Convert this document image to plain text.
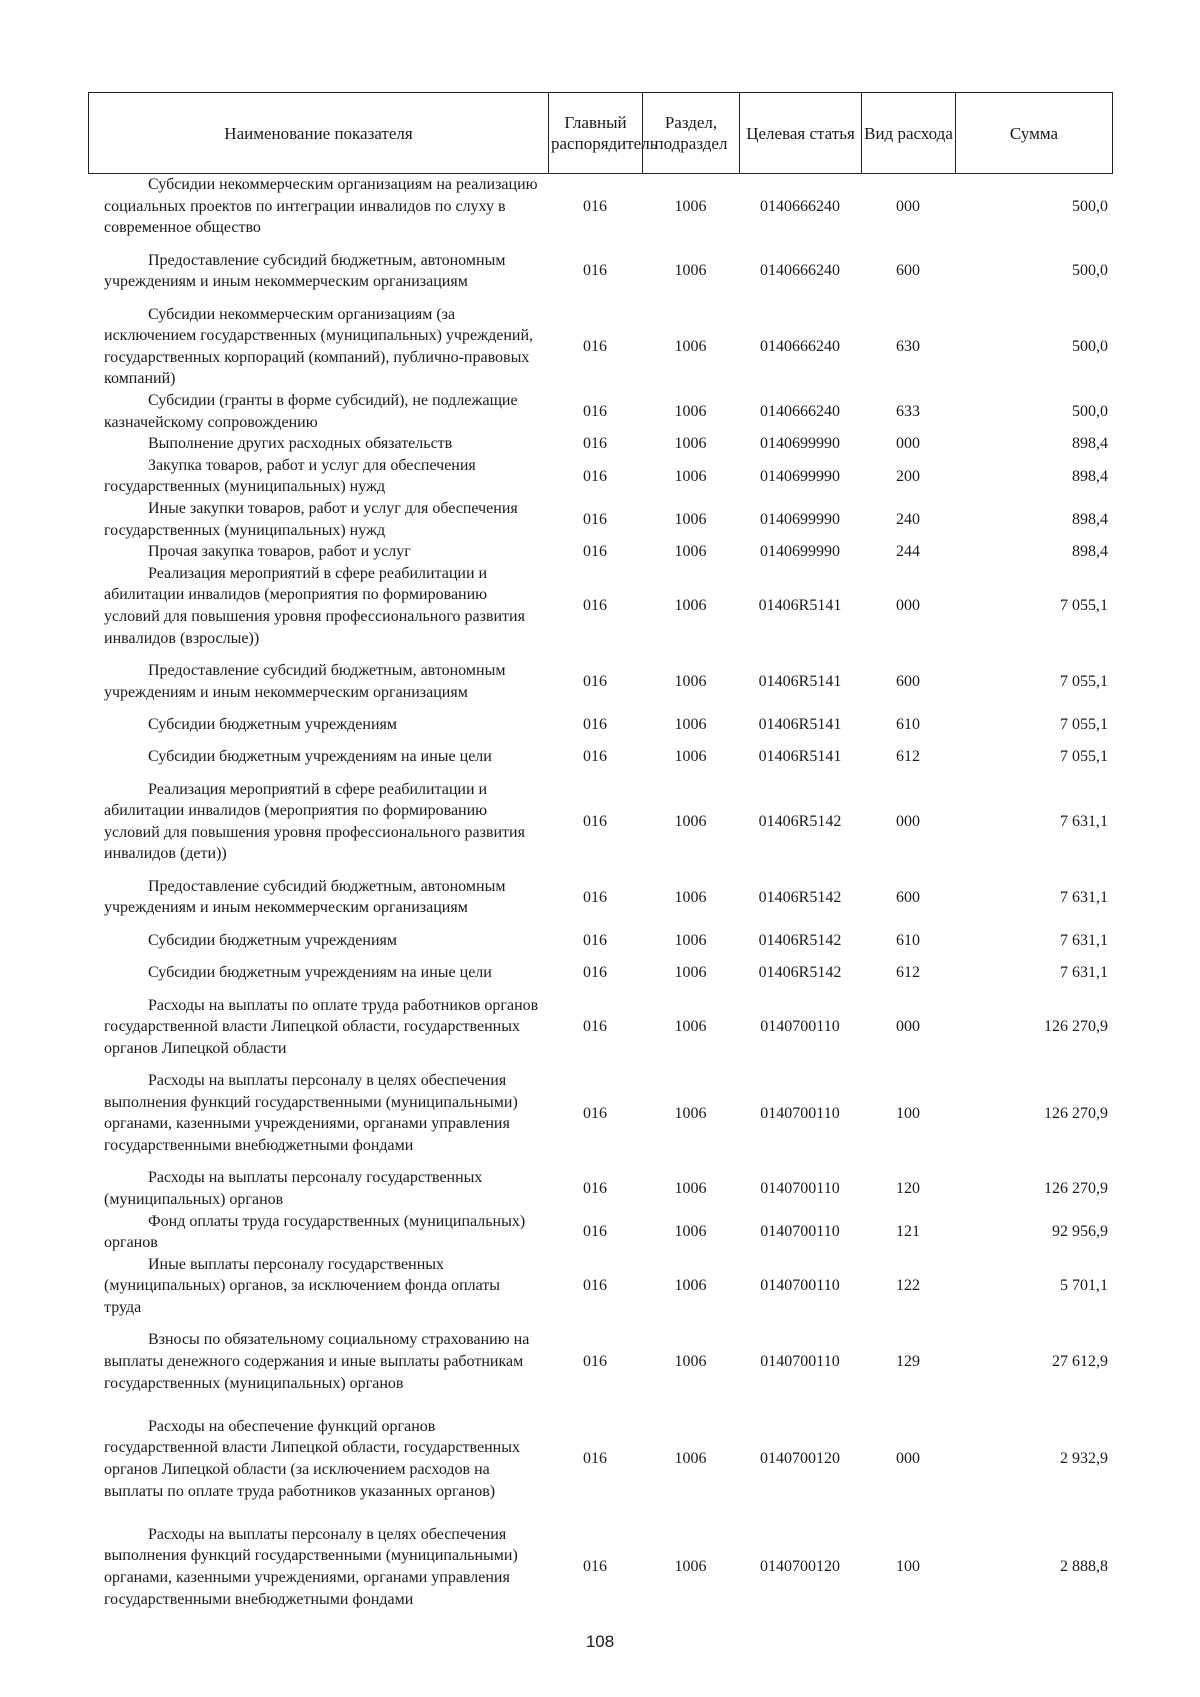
Наименование показателя	Главный распорядитель	Раздел, подраздел	Целевая статья	Вид расхода	Сумма
Субсидии некоммерческим организациям на реализацию социальных проектов по интеграции инвалидов по слуху в современное общество
016	1006	0140666240	000	500,0
Предоставление субсидий бюджетным, автономным учреждениям и иным некоммерческим организациям
016	1006	0140666240	600	500,0
Субсидии некоммерческим организациям (за исключением государственных (муниципальных) учреждений, государственных корпораций (компаний), публично-правовых компаний)
016	1006	0140666240	630	500,0
Субсидии (гранты в форме субсидий), не подлежащие казначейскому сопровождению
016	1006	0140666240	633	500,0
Выполнение других расходных обязательств	016	1006	0140699990	000	898,4
Закупка товаров, работ и услуг для обеспечения государственных (муниципальных) нужд
016	1006	0140699990	200	898,4
Иные закупки товаров, работ и услуг для обеспечения государственных (муниципальных) нужд
016	1006	0140699990	240	898,4
Прочая закупка товаров, работ и услуг	016	1006	0140699990	244	898,4
Реализация мероприятий в сфере реабилитации и абилитации инвалидов (мероприятия по формированию условий для повышения уровня профессионального развития инвалидов (взрослые))
016	1006	01406R5141	000	7 055,1
Предоставление субсидий бюджетным, автономным учреждениям и иным некоммерческим организациям
016	1006	01406R5141	600	7 055,1
Субсидии бюджетным учреждениям	016	1006	01406R5141	610	7 055,1
Субсидии бюджетным учреждениям на иные цели	016	1006	01406R5141	612	7 055,1
Реализация мероприятий в сфере реабилитации и абилитации инвалидов (мероприятия по формированию условий для повышения уровня профессионального развития инвалидов (дети))
016	1006	01406R5142	000	7 631,1
Предоставление субсидий бюджетным, автономным учреждениям и иным некоммерческим организациям
016	1006	01406R5142	600	7 631,1
Субсидии бюджетным учреждениям	016	1006	01406R5142	610	7 631,1
Субсидии бюджетным учреждениям на иные цели	016	1006	01406R5142	612	7 631,1
Расходы на выплаты по оплате труда работников органов государственной власти Липецкой области, государственных органов Липецкой области
016	1006	0140700110	000	126 270,9
Расходы на выплаты персоналу в целях обеспечения выполнения функций государственными (муниципальными) органами, казенными учреждениями, органами управления государственными внебюджетными фондами
016	1006	0140700110	100	126 270,9
Расходы на выплаты персоналу государственных (муниципальных) органов
016	1006	0140700110	120	126 270,9
Фонд оплаты труда государственных (муниципальных) органов
016	1006	0140700110	121	92 956,9
Иные выплаты персоналу государственных (муниципальных) органов, за исключением фонда оплаты труда
016	1006	0140700110	122	5 701,1
Взносы по обязательному социальному страхованию на выплаты денежного содержания и иные выплаты работникам государственных (муниципальных) органов
016	1006	0140700110	129	27 612,9
Расходы на обеспечение функций органов государственной власти Липецкой области, государственных органов Липецкой области (за исключением расходов на выплаты по оплате труда работников указанных органов)
016	1006	0140700120	000	2 932,9
Расходы на выплаты персоналу в целях обеспечения выполнения функций государственными (муниципальными) органами, казенными учреждениями, органами управления государственными внебюджетными фондами
016	1006	0140700120	100	2 888,8
108
